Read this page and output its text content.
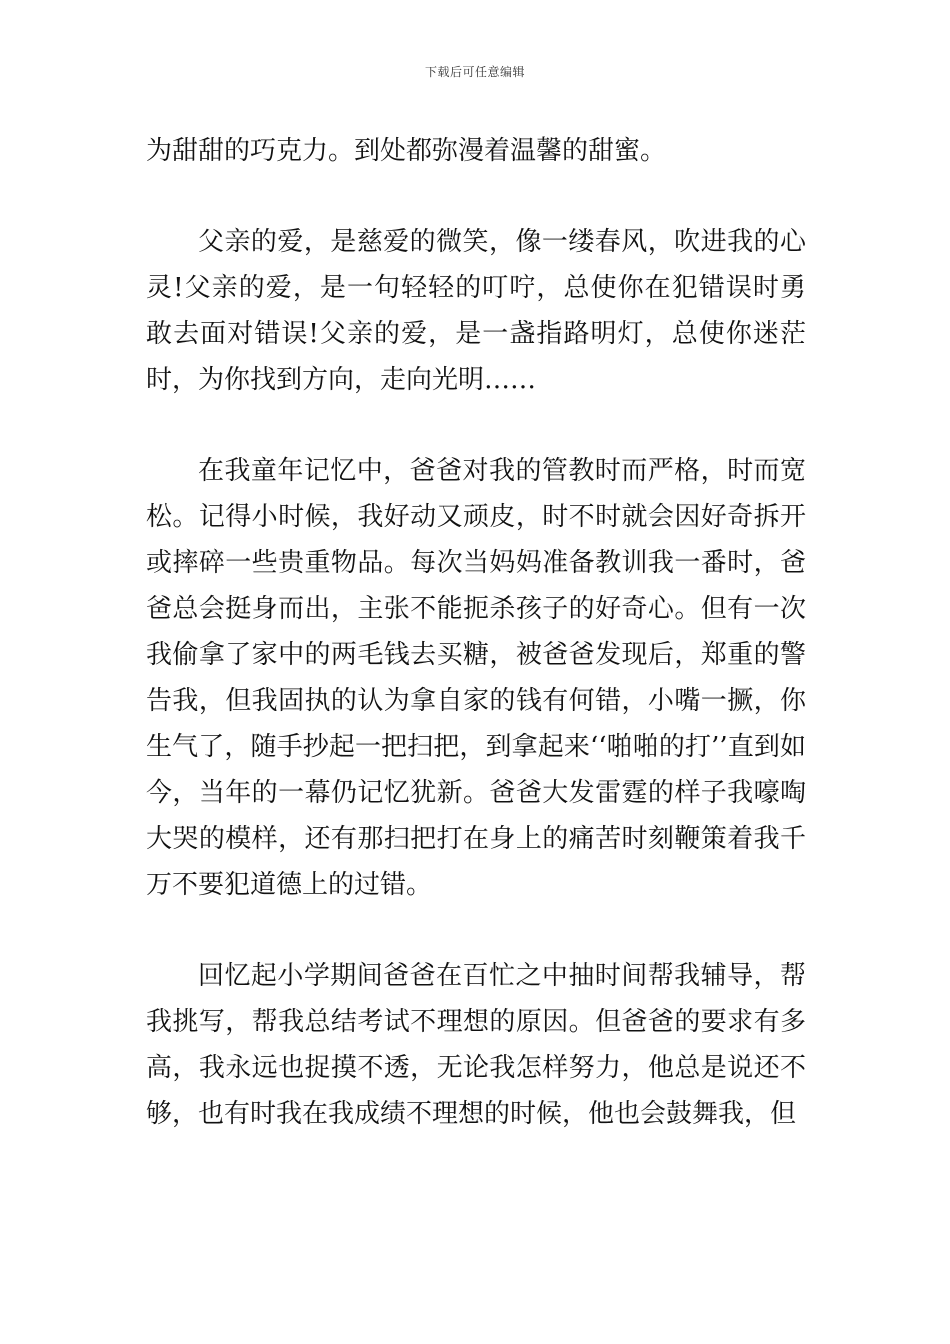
下载后可任意编辑

为甜甜的巧克力。到处都弥漫着温馨的甜蜜。

父亲的爱，是慈爱的微笑，像一缕春风，吹进我的心灵!父亲的爱，是一句轻轻的叮咛，总使你在犯错误时勇敢去面对错误!父亲的爱，是一盏指路明灯，总使你迷茫时，为你找到方向，走向光明……

在我童年记忆中，爸爸对我的管教时而严格，时而宽松。记得小时候，我好动又顽皮，时不时就会因好奇拆开或摔碎一些贵重物品。每次当妈妈准备教训我一番时，爸爸总会挺身而出，主张不能扼杀孩子的好奇心。但有一次我偷拿了家中的两毛钱去买糖，被爸爸发现后，郑重的警告我，但我固执的认为拿自家的钱有何错，小嘴一撅，你生气了，随手抄起一把扫把，到拿起来‘‘啪啪的打’’直到如今，当年的一幕仍记忆犹新。爸爸大发雷霆的样子我嚎啕大哭的模样，还有那扫把打在身上的痛苦时刻鞭策着我千万不要犯道德上的过错。

回忆起小学期间爸爸在百忙之中抽时间帮我辅导，帮我挑写，帮我总结考试不理想的原因。但爸爸的要求有多高，我永远也捉摸不透，无论我怎样努力，他总是说还不够，也有时我在我成绩不理想的时候，他也会鼓舞我，但
